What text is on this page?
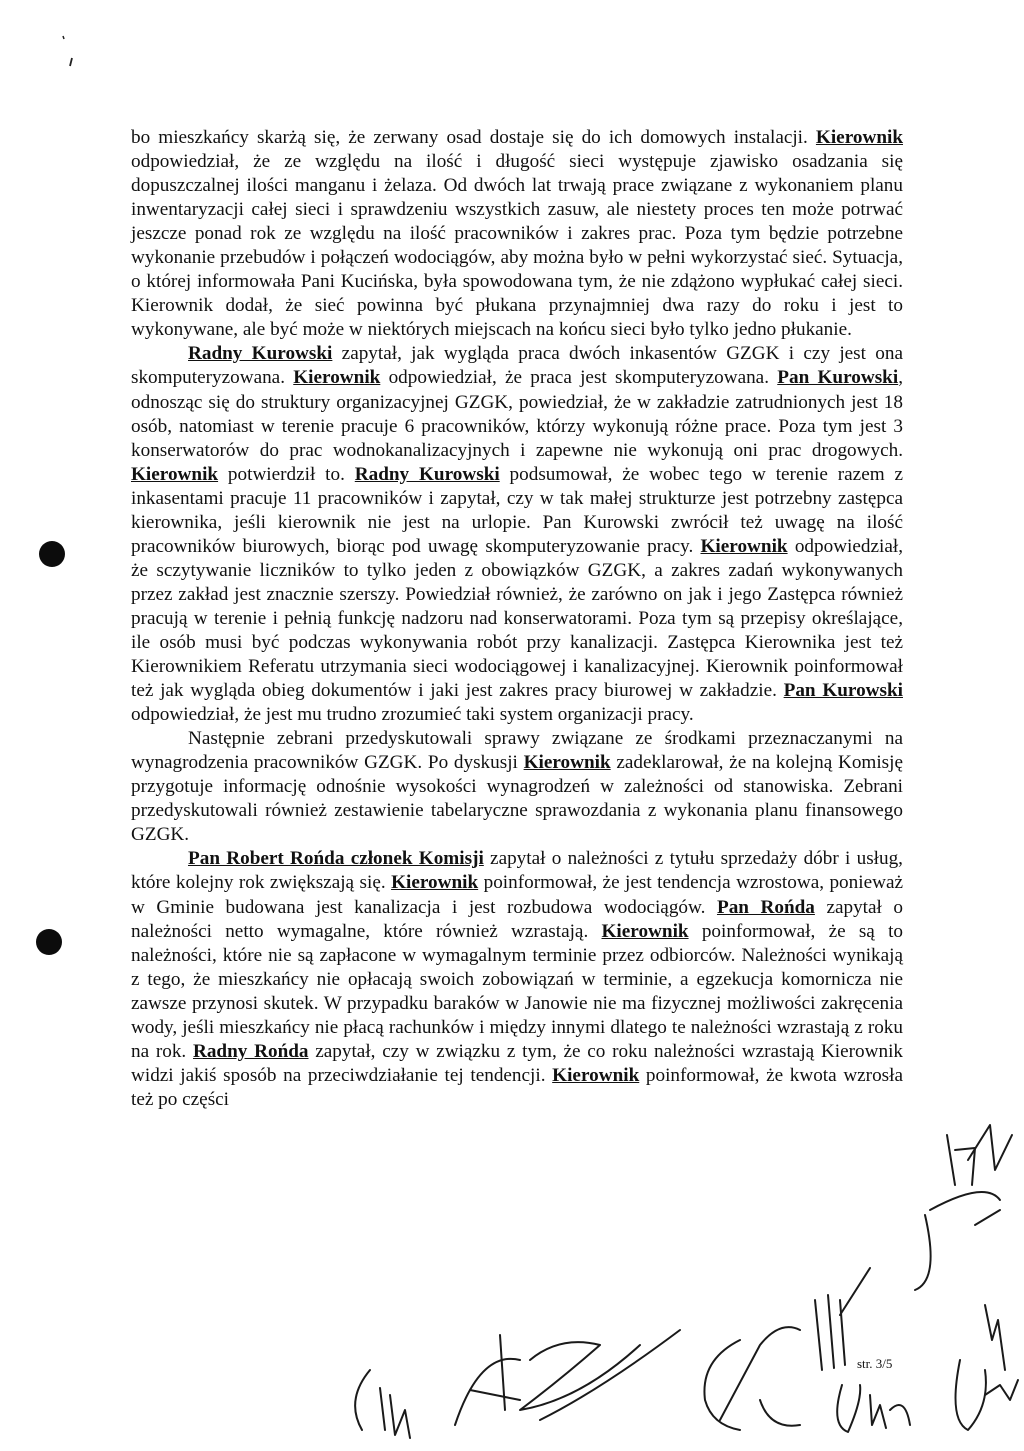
bo mieszkańcy skarżą się, że zerwany osad dostaje się do ich domowych instalacji. Kierownik odpowiedział, że ze względu na ilość i długość sieci występuje zjawisko osadzania się dopuszczalnej ilości manganu i żelaza. Od dwóch lat trwają prace związane z wykonaniem planu inwentaryzacji całej sieci i sprawdzeniu wszystkich zasuw, ale niestety proces ten może potrwać jeszcze ponad rok ze względu na ilość pracowników i zakres prac. Poza tym będzie potrzebne wykonanie przebudów i połączeń wodociągów, aby można było w pełni wykorzystać sieć. Sytuacja, o której informowała Pani Kucińska, była spowodowana tym, że nie zdążono wypłukać całej sieci. Kierownik dodał, że sieć powinna być płukana przynajmniej dwa razy do roku i jest to wykonywane, ale być może w niektórych miejscach na końcu sieci było tylko jedno płukanie.

Radny Kurowski zapytał, jak wygląda praca dwóch inkasentów GZGK i czy jest ona skomputeryzowana. Kierownik odpowiedział, że praca jest skomputeryzowana. Pan Kurowski, odnosząc się do struktury organizacyjnej GZGK, powiedział, że w zakładzie zatrudnionych jest 18 osób, natomiast w terenie pracuje 6 pracowników, którzy wykonują różne prace. Poza tym jest 3 konserwatorów do prac wodnokanalizacyjnych i zapewne nie wykonują oni prac drogowych. Kierownik potwierdził to. Radny Kurowski podsumował, że wobec tego w terenie razem z inkasentami pracuje 11 pracowników i zapytał, czy w tak małej strukturze jest potrzebny zastępca kierownika, jeśli kierownik nie jest na urlopie. Pan Kurowski zwrócił też uwagę na ilość pracowników biurowych, biorąc pod uwagę skomputeryzowanie pracy. Kierownik odpowiedział, że sczytywanie liczników to tylko jeden z obowiązków GZGK, a zakres zadań wykonywanych przez zakład jest znacznie szerszy. Powiedział również, że zarówno on jak i jego Zastępca również pracują w terenie i pełnią funkcję nadzoru nad konserwatorami. Poza tym są przepisy określające, ile osób musi być podczas wykonywania robót przy kanalizacji. Zastępca Kierownika jest też Kierownikiem Referatu utrzymania sieci wodociągowej i kanalizacyjnej. Kierownik poinformował też jak wygląda obieg dokumentów i jaki jest zakres pracy biurowej w zakładzie. Pan Kurowski odpowiedział, że jest mu trudno zrozumieć taki system organizacji pracy.

Następnie zebrani przedyskutowali sprawy związane ze środkami przeznaczanymi na wynagrodzenia pracowników GZGK. Po dyskusji Kierownik zadeklarował, że na kolejną Komisję przygotuje informację odnośnie wysokości wynagrodzeń w zależności od stanowiska. Zebrani przedyskutowali również zestawienie tabelaryczne sprawozdania z wykonania planu finansowego GZGK.

Pan Robert Rońda członek Komisji zapytał o należności z tytułu sprzedaży dóbr i usług, które kolejny rok zwiększają się. Kierownik poinformował, że jest tendencja wzrostowa, ponieważ w Gminie budowana jest kanalizacja i jest rozbudowa wodociągów. Pan Rońda zapytał o należności netto wymagalne, które również wzrastają. Kierownik poinformował, że są to należności, które nie są zapłacone w wymagalnym terminie przez odbiorców. Należności wynikają z tego, że mieszkańcy nie opłacają swoich zobowiązań w terminie, a egzekucja komornicza nie zawsze przynosi skutek. W przypadku baraków w Janowie nie ma fizycznej możliwości zakręcenia wody, jeśli mieszkańcy nie płacą rachunków i między innymi dlatego te należności wzrastają z roku na rok. Radny Rońda zapytał, czy w związku z tym, że co roku należności wzrastają Kierownik widzi jakiś sposób na przeciwdziałanie tej tendencji. Kierownik poinformował, że kwota wzrosła też po części

str. 3/5
